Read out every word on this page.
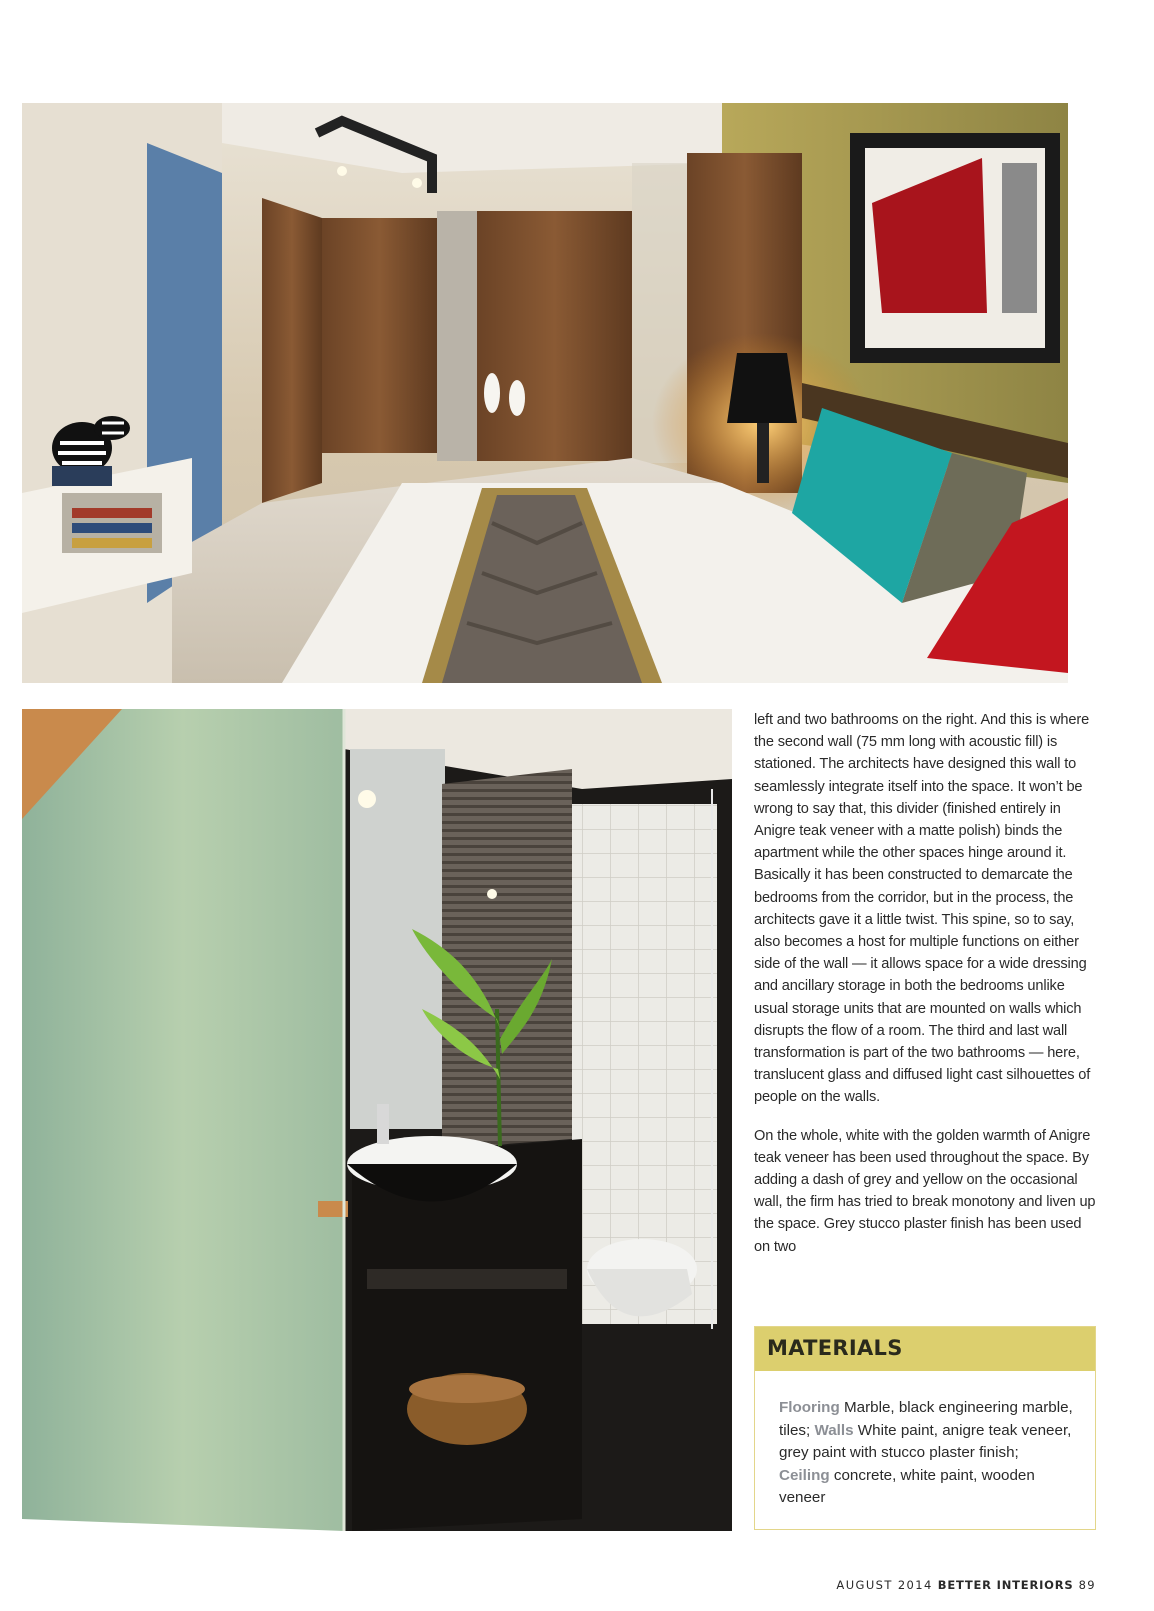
left and two bathrooms on the right. And this is where the second wall (75 mm long with acoustic fill) is stationed. The architects have designed this wall to seamlessly integrate itself into the space. It won’t be wrong to say that, this divider (finished entirely in Anigre teak veneer with a matte polish) binds the apartment while the other spaces hinge around it. Basically it has been constructed to demarcate the bedrooms from the corridor, but in the process, the architects gave it a little twist. This spine, so to say, also becomes a host for multiple functions on either side of the wall — it allows space for a wide dressing and ancillary storage in both the bedrooms unlike usual storage units that are mounted on walls which disrupts the flow of a room. The third and last wall transformation is part of the two bathrooms — here, translucent glass and diffused light cast silhouettes of people on the walls.

On the whole, white with the golden warmth of Anigre teak veneer has been used throughout the space. By adding a dash of grey and yellow on the occasional wall, the firm has tried to break monotony and liven up the space. Grey stucco plaster finish has been used on two

MATERIALS
Flooring Marble, black engineering marble, tiles; Walls White paint, anigre teak veneer, grey paint with stucco plaster finish; Ceiling concrete, white paint, wooden veneer
AUGUST 2014 BETTER INTERIORS 89
